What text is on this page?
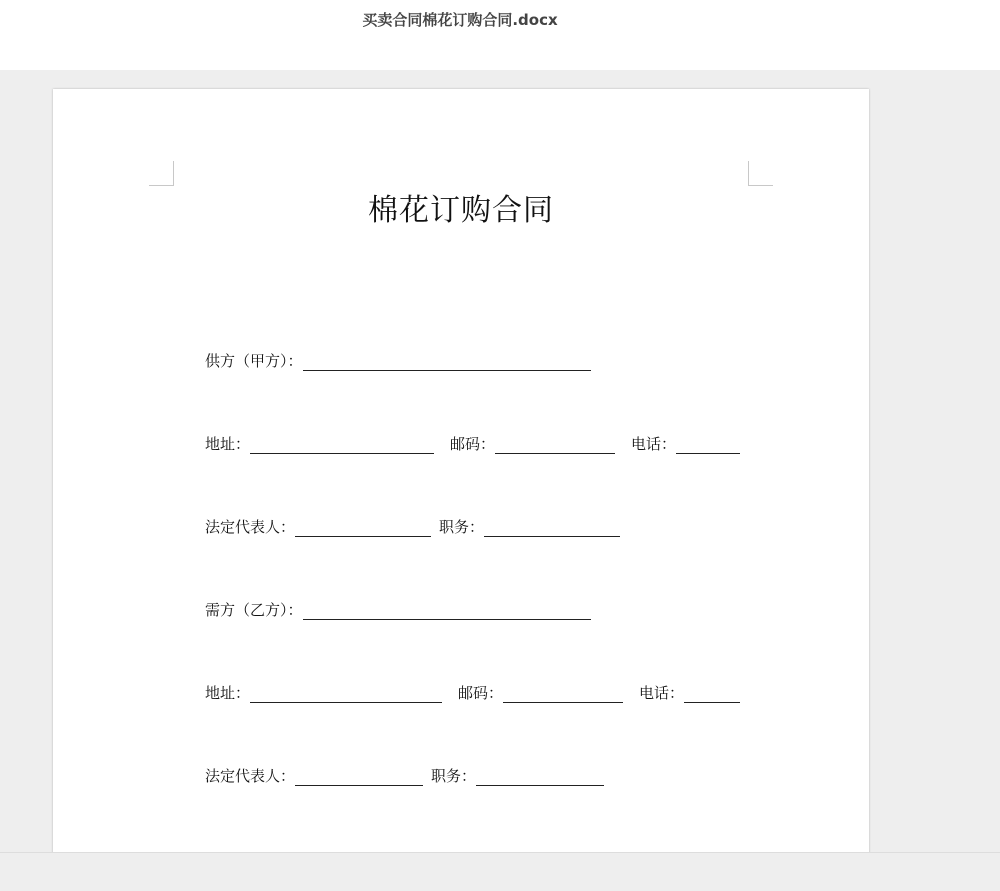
买卖合同棉花订购合同.docx
棉花订购合同
供方（甲方）：
地址：	邮码：	电话：
法定代表人：	职务：
需方（乙方）：
地址：	邮码：	电话：
法定代表人：	职务：
